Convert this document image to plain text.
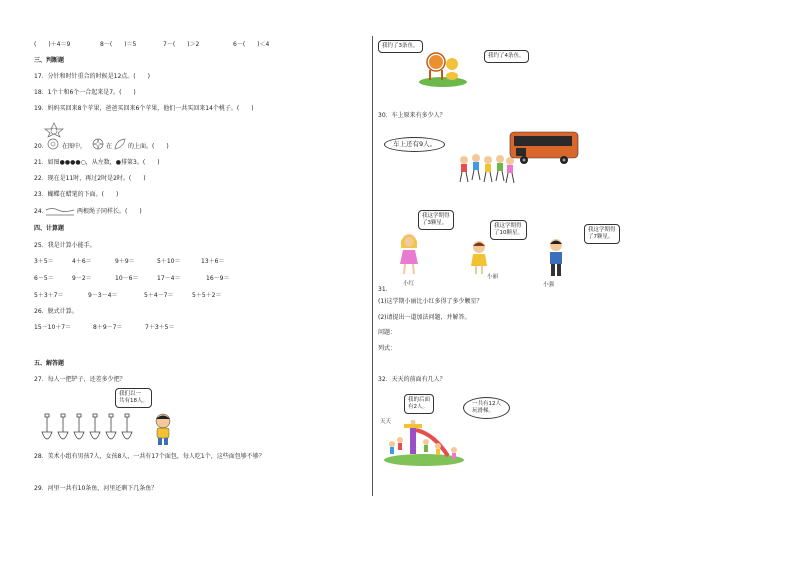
(　　)＋4＝9	8－(　　)＝5	7－(　　)＞2	6－(　　)＜4
三、判断题
17．分针和时针重合的时候是12点。(　　)
18．1个十和6个一合起来是7。(　　)
19．妈妈买回来8个苹果，爸爸买回来6个苹果，他们一共买回来14个桃子。(　　)
20． 在图中，	在	的上面。(　　)
21．如图●●●●○，从左数，●排第3。(　　)
22．现在是11时，再过2时是2时。(　　)
23．蝴蝶在蜡笔的下面。(　　)
24．	两根绳子同样长。(　　)
四、计算题
25．我是计算小能手。
3＋5＝	4＋6＝	9＋9＝	5＋10＝	13＋6＝
6－5＝	9－2＝	10－6＝	17－4＝	16－9＝
5＋3＋7＝	9－3－4＝	5＋4－7＝	5＋5＋2＝
26．脱式计算。
15－10＋7＝	8＋9－7＝	7＋3＋5＝
五、解答题
27．每人一把铲子，还差多少把？
我们以一
共有18人。
28．美术小组有男孩7人，女孩8人，一共有17个面包，每人吃1个，这些面包够不够？
29．河里一共有10条鱼，河里还剩下几条鱼？
我钓了3条鱼。
我钓了4条鱼。
30．车上原来有多少人？
车上还有9人。
我这学期得
了3颗星。	我这学期得
了10颗星。	我这学期得
了7颗星。
小红
小丽
小强
31．
(1)这学期小丽比小红多得了多少颗星？
(2)请提出一道加法问题，并解答。
问题：
列式：
32．天天的前面有几人？
我的后面
有2人。	一共有12人
玩滑梯。
天天
